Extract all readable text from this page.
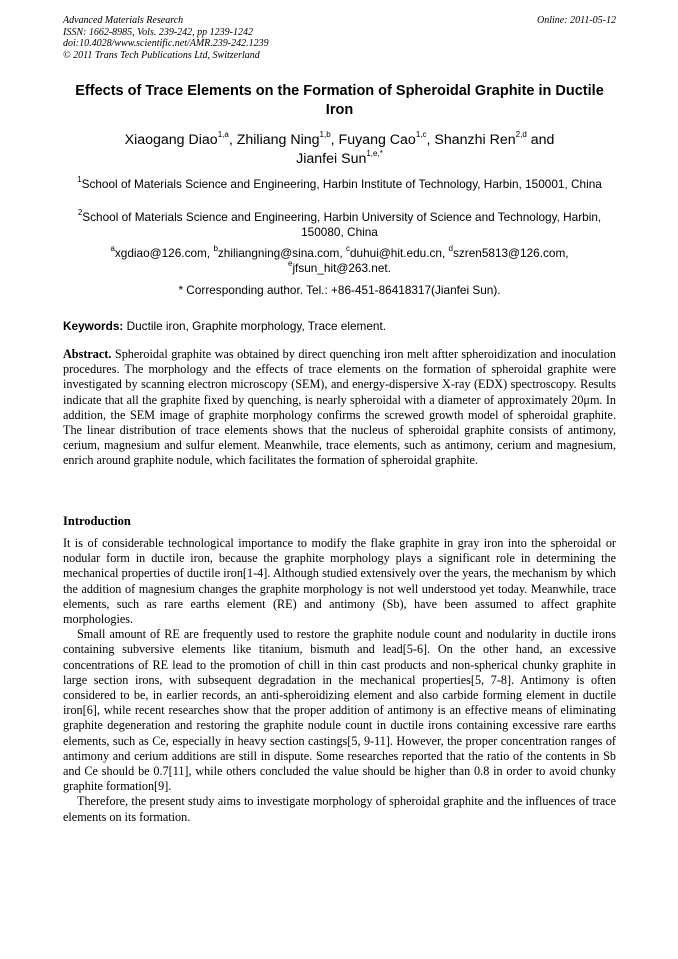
Advanced Materials Research
ISSN: 1662-8985, Vols. 239-242, pp 1239-1242
doi:10.4028/www.scientific.net/AMR.239-242.1239
© 2011 Trans Tech Publications Ltd, Switzerland
Online: 2011-05-12
Effects of Trace Elements on the Formation of Spheroidal Graphite in Ductile Iron
Xiaogang Diao$^{1,a}$, Zhiliang Ning$^{1,b}$, Fuyang Cao$^{1,c}$, Shanzhi Ren$^{2,d}$ and
Jianfei Sun$^{1,e,*}$
$^1$School of Materials Science and Engineering, Harbin Institute of Technology, Harbin, 150001, China
$^2$School of Materials Science and Engineering, Harbin University of Science and Technology, Harbin, 150080, China
$^a$xgdiao@126.com, $^b$zhiliangning@sina.com, $^c$duhui@hit.edu.cn, $^d$szren5813@126.com,
$^e$jfsun_hit@263.net.
* Corresponding author. Tel.: +86-451-86418317(Jianfei Sun).
Keywords: Ductile iron, Graphite morphology, Trace element.
Abstract. Spheroidal graphite was obtained by direct quenching iron melt aftter spheroidization and inoculation procedures. The morphology and the effects of trace elements on the formation of spheroidal graphite were investigated by scanning electron microscopy (SEM), and energy-dispersive X-ray (EDX) spectroscopy. Results indicate that all the graphite fixed by quenching, is nearly spheroidal with a diameter of approximately 20μm. In addition, the SEM image of graphite morphology confirms the screwed growth model of spheroidal graphite. The linear distribution of trace elements shows that the nucleus of spheroidal graphite consists of antimony, cerium, magnesium and sulfur element. Meanwhile, trace elements, such as antimony, cerium and magnesium, enrich around graphite nodule, which facilitates the formation of spheroidal graphite.
Introduction

It is of considerable technological importance to modify the flake graphite in gray iron into the spheroidal or nodular form in ductile iron, because the graphite morphology plays a significant role in determining the mechanical properties of ductile iron[1-4]. Although studied extensively over the years, the mechanism by which the addition of magnesium changes the graphite morphology is not well understood yet today. Meanwhile, trace elements, such as rare earths element (RE) and antimony (Sb), have been assumed to affect graphite morphologies.

Small amount of RE are frequently used to restore the graphite nodule count and nodularity in ductile irons containing subversive elements like titanium, bismuth and lead[5-6]. On the other hand, an excessive concentrations of RE lead to the promotion of chill in thin cast products and non-spherical chunky graphite in large section irons, with subsequent degradation in the mechanical properties[5, 7-8]. Antimony is often considered to be, in earlier records, an anti-spheroidizing element and also carbide forming element in ductile iron[6], while recent researches show that the proper addition of antimony is an effective means of eliminating graphite degeneration and restoring the graphite nodule count in ductile irons containing excessive rare earths elements, such as Ce, especially in heavy section castings[5, 9-11]. However, the proper concentration ranges of antimony and cerium additions are still in dispute. Some researches reported that the ratio of the contents in Sb and Ce should be 0.7[11], while others concluded the value should be higher than 0.8 in order to avoid chunky graphite formation[9].

Therefore, the present study aims to investigate morphology of spheroidal graphite and the influences of trace elements on its formation.
